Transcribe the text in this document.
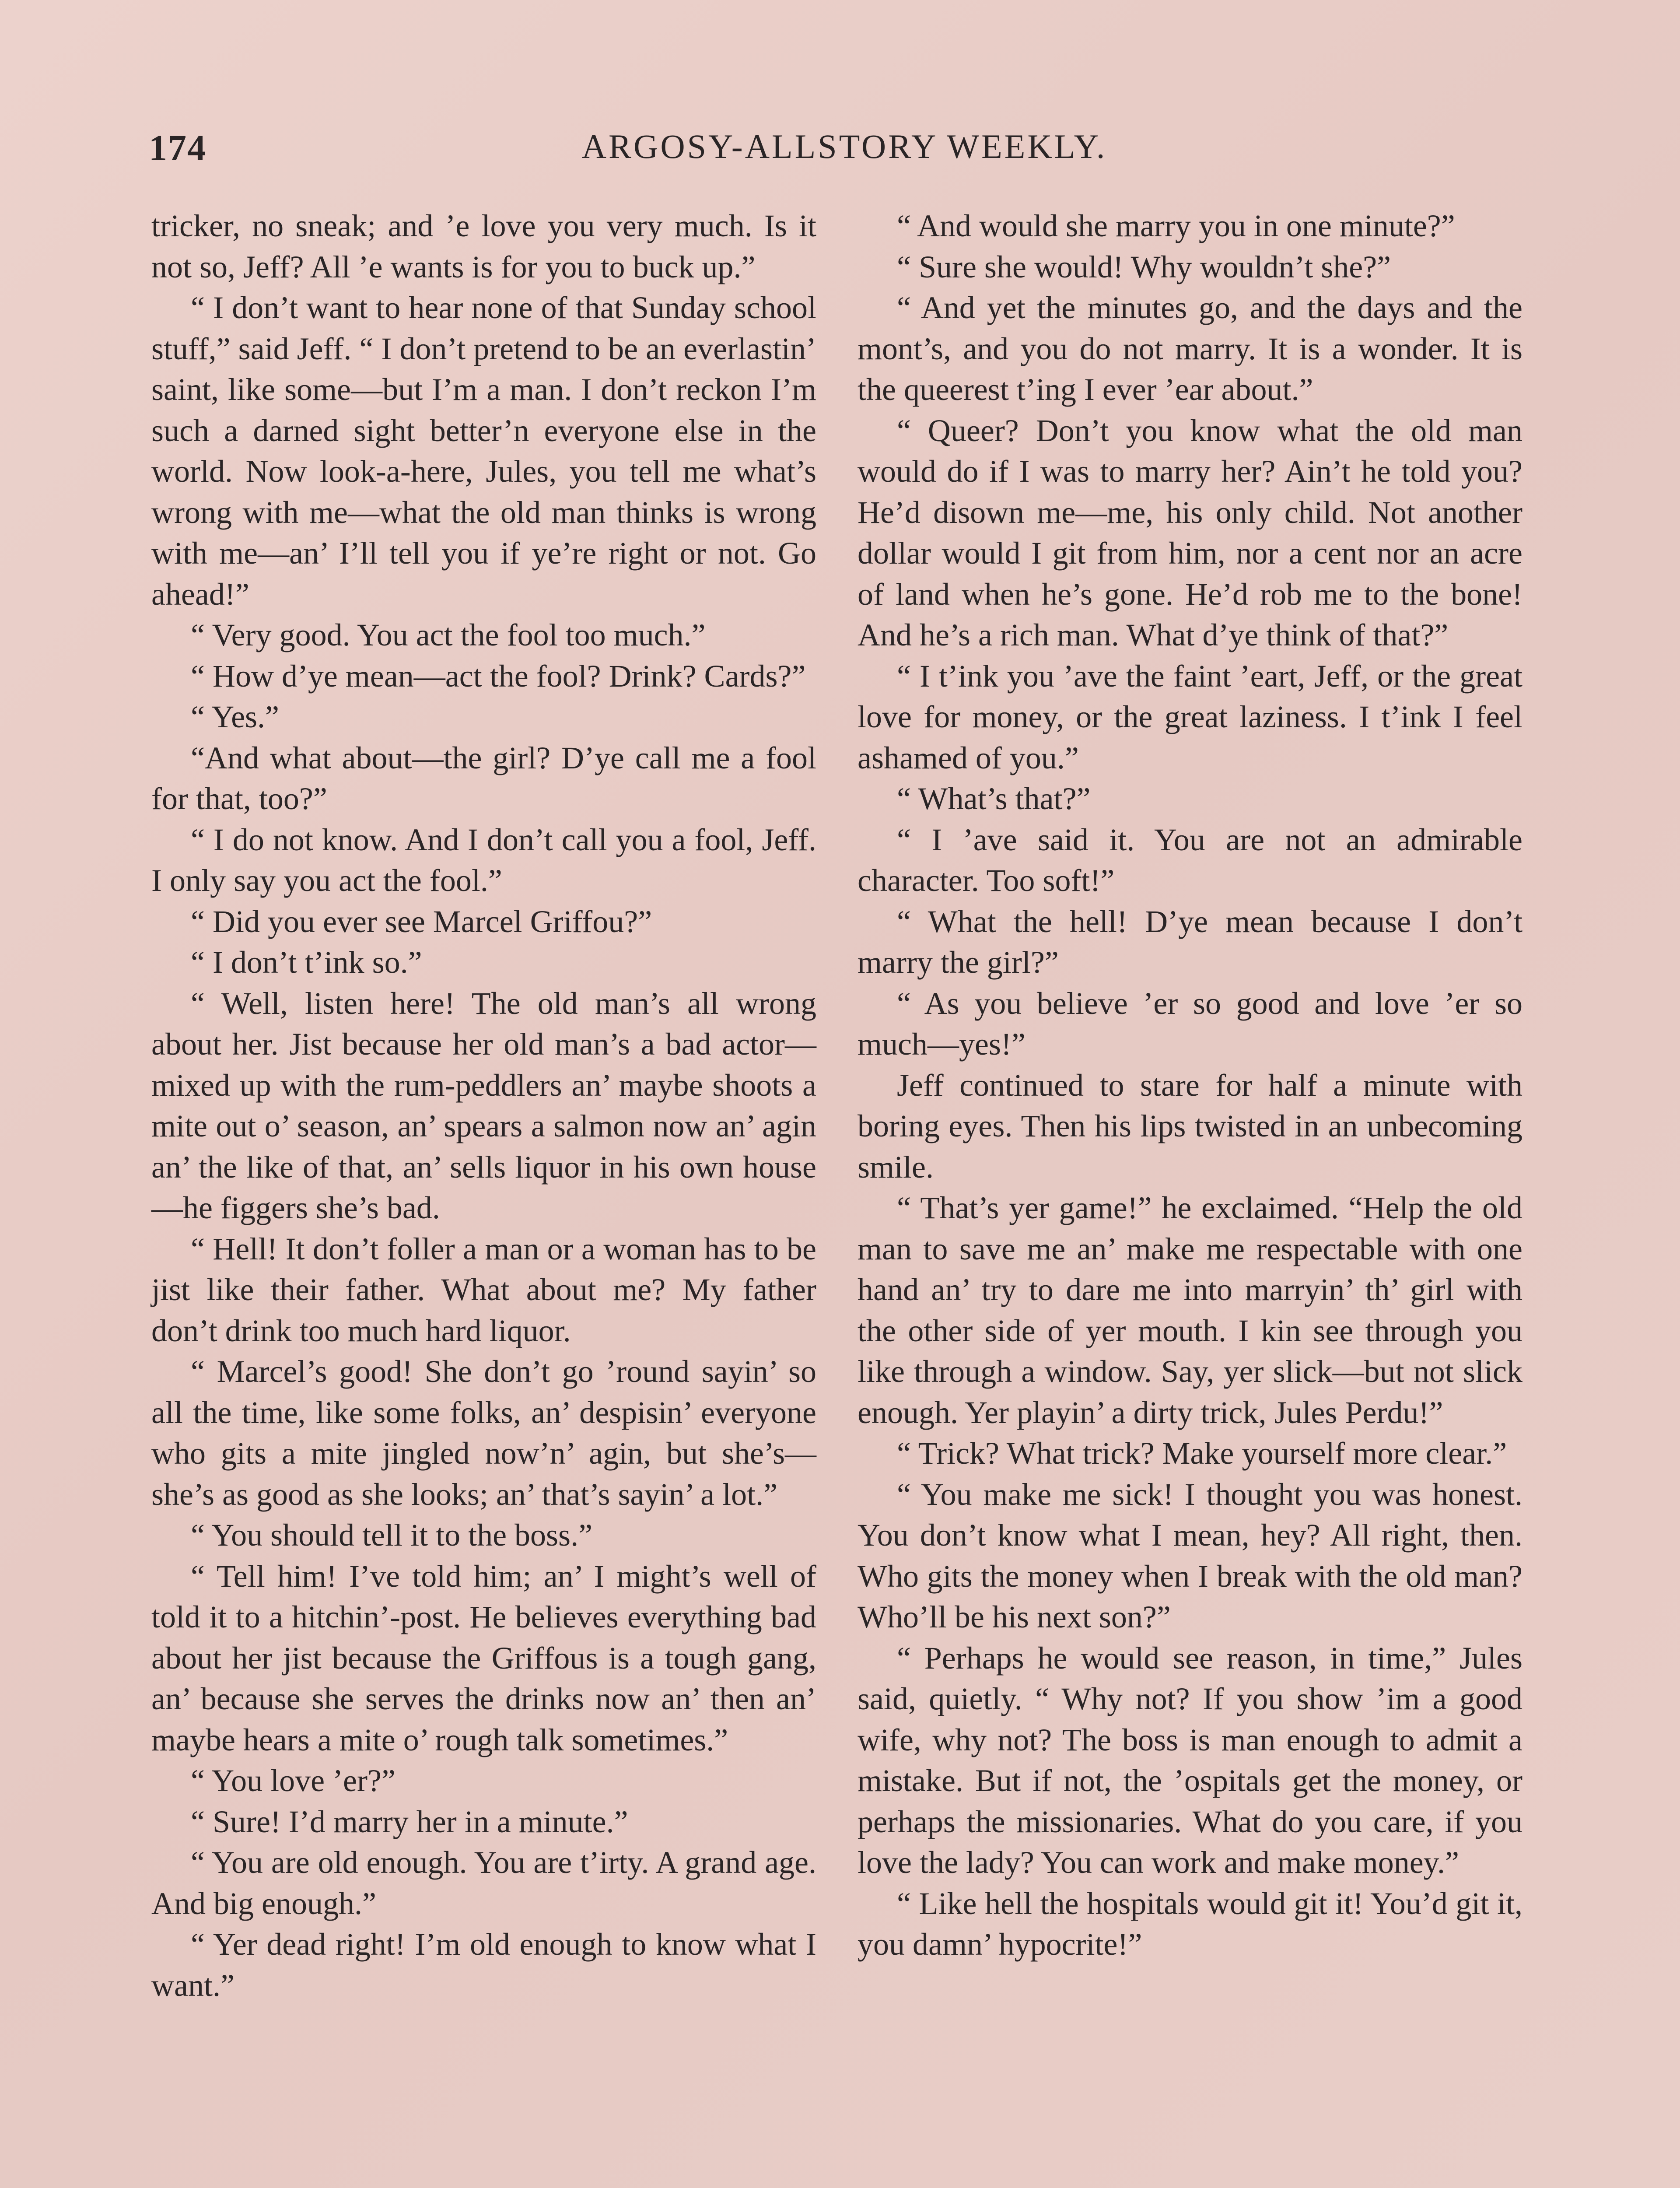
174	ARGOSY-ALLSTORY WEEKLY.

tricker, no sneak; and ’e love you very much. Is it not so, Jeff? All ’e wants is for you to buck up.”

“ I don’t want to hear none of that Sunday school stuff,” said Jeff. “ I don’t pretend to be an everlastin’ saint, like some—but I’m a man. I don’t reckon I’m such a darned sight better’n everyone else in the world. Now look-a-here, Jules, you tell me what’s wrong with me—what the old man thinks is wrong with me—an’ I’ll tell you if ye’re right or not. Go ahead!”

“ Very good. You act the fool too much.”

“ How d’ye mean—act the fool? Drink? Cards?”

“ Yes.”

“And what about—the girl? D’ye call me a fool for that, too?”

“ I do not know. And I don’t call you a fool, Jeff. I only say you act the fool.”

“ Did you ever see Marcel Griffou?”

“ I don’t t’ink so.”

“ Well, listen here! The old man’s all wrong about her. Jist because her old man’s a bad actor—mixed up with the rum-peddlers an’ maybe shoots a mite out o’ season, an’ spears a salmon now an’ agin an’ the like of that, an’ sells liquor in his own house—he figgers she’s bad.

“ Hell! It don’t foller a man or a woman has to be jist like their father. What about me? My father don’t drink too much hard liquor.

“ Marcel’s good! She don’t go ’round sayin’ so all the time, like some folks, an’ despisin’ everyone who gits a mite jingled now’n’ agin, but she’s—she’s as good as she looks; an’ that’s sayin’ a lot.”

“ You should tell it to the boss.”

“ Tell him! I’ve told him; an’ I might’s well of told it to a hitchin’-post. He believes everything bad about her jist because the Griffous is a tough gang, an’ because she serves the drinks now an’ then an’ maybe hears a mite o’ rough talk sometimes.”

“ You love ’er?”

“ Sure! I’d marry her in a minute.”

“ You are old enough. You are t’irty. A grand age. And big enough.”

“ Yer dead right! I’m old enough to know what I want.”

“ And would she marry you in one minute?”

“ Sure she would! Why wouldn’t she?”

“ And yet the minutes go, and the days and the mont’s, and you do not marry. It is a wonder. It is the queerest t’ing I ever ’ear about.”

“ Queer? Don’t you know what the old man would do if I was to marry her? Ain’t he told you? He’d disown me—me, his only child. Not another dollar would I git from him, nor a cent nor an acre of land when he’s gone. He’d rob me to the bone! And he’s a rich man. What d’ye think of that?”

“ I t’ink you ’ave the faint ’eart, Jeff, or the great love for money, or the great laziness. I t’ink I feel ashamed of you.”

“ What’s that?”

“ I ’ave said it. You are not an admirable character. Too soft!”

“ What the hell! D’ye mean because I don’t marry the girl?”

“ As you believe ’er so good and love ’er so much—yes!”

Jeff continued to stare for half a minute with boring eyes. Then his lips twisted in an unbecoming smile.

“ That’s yer game!” he exclaimed. “Help the old man to save me an’ make me respectable with one hand an’ try to dare me into marryin’ th’ girl with the other side of yer mouth. I kin see through you like through a window. Say, yer slick—but not slick enough. Yer playin’ a dirty trick, Jules Perdu!”

“ Trick? What trick? Make yourself more clear.”

“ You make me sick! I thought you was honest. You don’t know what I mean, hey? All right, then. Who gits the money when I break with the old man? Who’ll be his next son?”

“ Perhaps he would see reason, in time,” Jules said, quietly. “ Why not? If you show ’im a good wife, why not? The boss is man enough to admit a mistake. But if not, the ’ospitals get the money, or perhaps the missionaries. What do you care, if you love the lady? You can work and make money.”

“ Like hell the hospitals would git it! You’d git it, you damn’ hypocrite!”
